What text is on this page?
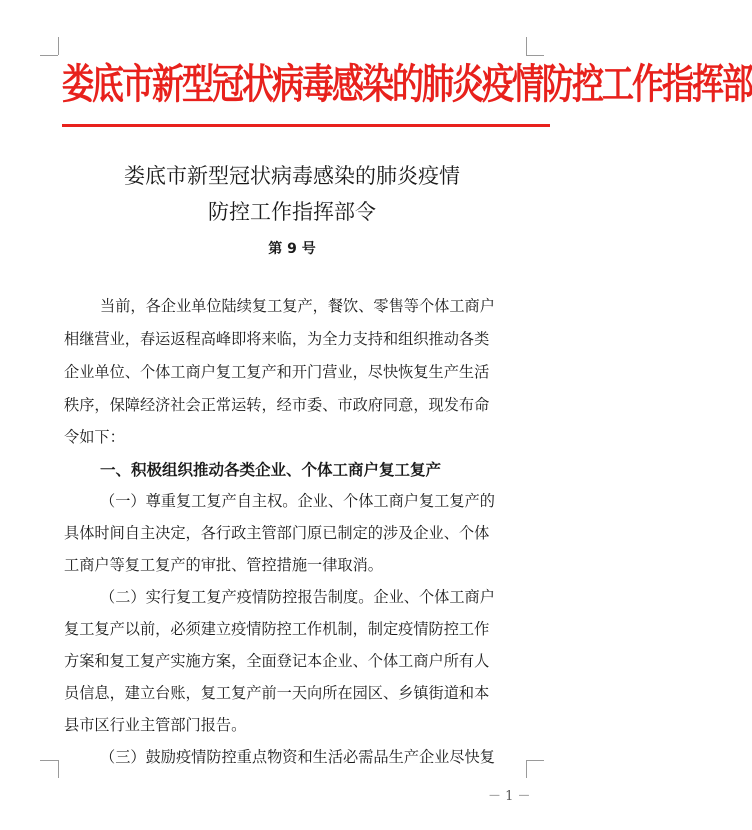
娄底市新型冠状病毒感染的肺炎疫情防控工作指挥部
娄底市新型冠状病毒感染的肺炎疫情
防控工作指挥部令
第 9 号
当前，各企业单位陆续复工复产，餐饮、零售等个体工商户
相继营业，春运返程高峰即将来临，为全力支持和组织推动各类
企业单位、个体工商户复工复产和开门营业，尽快恢复生产生活
秩序，保障经济社会正常运转，经市委、市政府同意，现发布命
令如下：
一、积极组织推动各类企业、个体工商户复工复产
（一）尊重复工复产自主权。企业、个体工商户复工复产的
具体时间自主决定，各行政主管部门原已制定的涉及企业、个体
工商户等复工复产的审批、管控措施一律取消。
（二）实行复工复产疫情防控报告制度。企业、个体工商户
复工复产以前，必须建立疫情防控工作机制，制定疫情防控工作
方案和复工复产实施方案，全面登记本企业、个体工商户所有人
员信息，建立台账，复工复产前一天向所在园区、乡镇街道和本
县市区行业主管部门报告。
（三）鼓励疫情防控重点物资和生活必需品生产企业尽快复
－ 1 －
